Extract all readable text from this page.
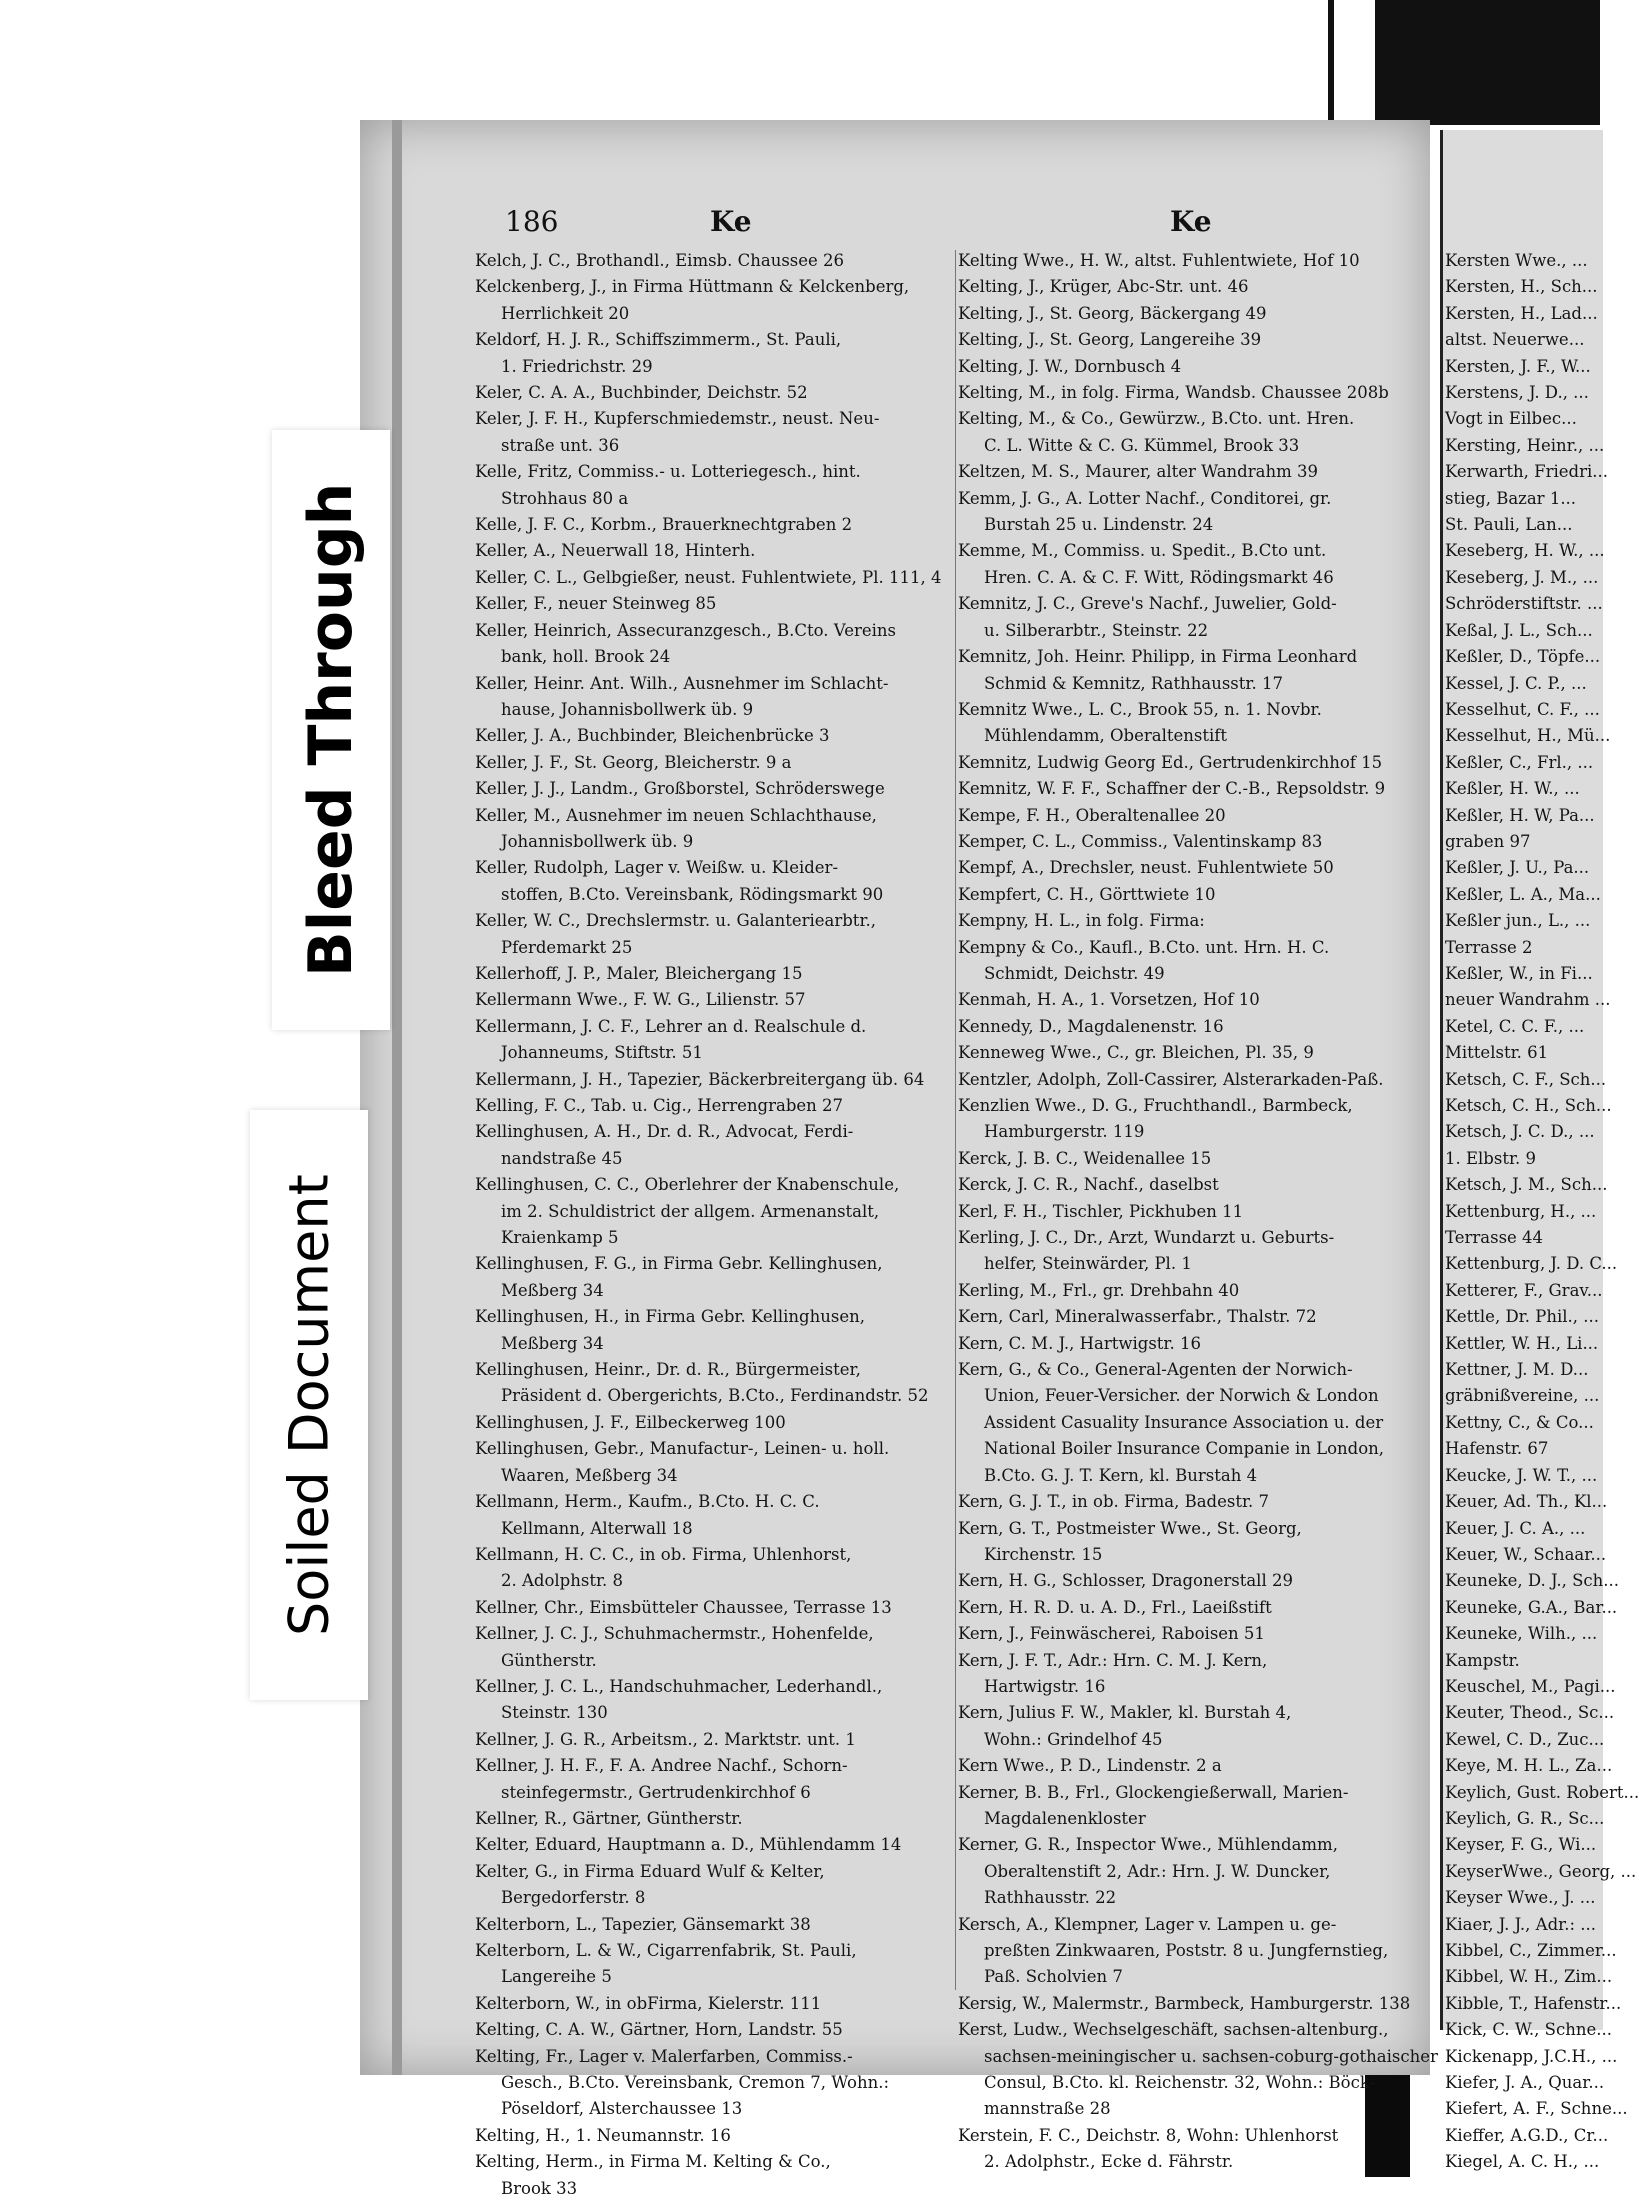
186	Ke	Ke
Kelch, J. C., Brothandl., Eimsb. Chaussee 26
Kelckenberg, J., in Firma Hüttmann & Kelckenberg,
Herrlichkeit 20
Keldorf, H. J. R., Schiffszimmerm., St. Pauli,
1. Friedrichstr. 29
Keler, C. A. A., Buchbinder, Deichstr. 52
Keler, J. F. H., Kupferschmiedemstr., neust. Neu-
straße unt. 36
Kelle, Fritz, Commiss.- u. Lotteriegesch., hint.
Strohhaus 80 a
Kelle, J. F. C., Korbm., Brauerknechtgraben 2
Keller, A., Neuerwall 18, Hinterh.
Keller, C. L., Gelbgießer, neust. Fuhlentwiete, Pl. 111, 4
Keller, F., neuer Steinweg 85
Keller, Heinrich, Assecuranzgesch., B.Cto. Vereins
bank, holl. Brook 24
Keller, Heinr. Ant. Wilh., Ausnehmer im Schlacht-
hause, Johannisbollwerk üb. 9
Keller, J. A., Buchbinder, Bleichenbrücke 3
Keller, J. F., St. Georg, Bleicherstr. 9 a
Keller, J. J., Landm., Großborstel, Schröderswege
Keller, M., Ausnehmer im neuen Schlachthause,
Johannisbollwerk üb. 9
Keller, Rudolph, Lager v. Weißw. u. Kleider-
stoffen, B.Cto. Vereinsbank, Rödingsmarkt 90
Keller, W. C., Drechslermstr. u. Galanteriearbtr.,
Pferdemarkt 25
Kellerhoff, J. P., Maler, Bleichergang 15
Kellermann Wwe., F. W. G., Lilienstr. 57
Kellermann, J. C. F., Lehrer an d. Realschule d.
Johanneums, Stiftstr. 51
Kellermann, J. H., Tapezier, Bäckerbreitergang üb. 64
Kelling, F. C., Tab. u. Cig., Herrengraben 27
Kellinghusen, A. H., Dr. d. R., Advocat, Ferdi-
nandstraße 45
Kellinghusen, C. C., Oberlehrer der Knabenschule,
im 2. Schuldistrict der allgem. Armenanstalt,
Kraienkamp 5
Kellinghusen, F. G., in Firma Gebr. Kellinghusen,
Meßberg 34
Kellinghusen, H., in Firma Gebr. Kellinghusen,
Meßberg 34
Kellinghusen, Heinr., Dr. d. R., Bürgermeister,
Präsident d. Obergerichts, B.Cto., Ferdinandstr. 52
Kellinghusen, J. F., Eilbeckerweg 100
Kellinghusen, Gebr., Manufactur-, Leinen- u. holl.
Waaren, Meßberg 34
Kellmann, Herm., Kaufm., B.Cto. H. C. C.
Kellmann, Alterwall 18
Kellmann, H. C. C., in ob. Firma, Uhlenhorst,
2. Adolphstr. 8
Kellner, Chr., Eimsbütteler Chaussee, Terrasse 13
Kellner, J. C. J., Schuhmachermstr., Hohenfelde,
Güntherstr.
Kellner, J. C. L., Handschuhmacher, Lederhandl.,
Steinstr. 130
Kellner, J. G. R., Arbeitsm., 2. Marktstr. unt. 1
Kellner, J. H. F., F. A. Andree Nachf., Schorn-
steinfegermstr., Gertrudenkirchhof 6
Kellner, R., Gärtner, Güntherstr.
Kelter, Eduard, Hauptmann a. D., Mühlendamm 14
Kelter, G., in Firma Eduard Wulf & Kelter,
Bergedorferstr. 8
Kelterborn, L., Tapezier, Gänsemarkt 38
Kelterborn, L. & W., Cigarrenfabrik, St. Pauli,
Langereihe 5
Kelterborn, W., in obFirma, Kielerstr. 111
Kelting, C. A. W., Gärtner, Horn, Landstr. 55
Kelting, Fr., Lager v. Malerfarben, Commiss.-
Gesch., B.Cto. Vereinsbank, Cremon 7, Wohn.:
Pöseldorf, Alsterchaussee 13
Kelting, H., 1. Neumannstr. 16
Kelting, Herm., in Firma M. Kelting & Co.,
Brook 33
Kelting Wwe., H. W., altst. Fuhlentwiete, Hof 10
Kelting, J., Krüger, Abc-Str. unt. 46
Kelting, J., St. Georg, Bäckergang 49
Kelting, J., St. Georg, Langereihe 39
Kelting, J. W., Dornbusch 4
Kelting, M., in folg. Firma, Wandsb. Chaussee 208b
Kelting, M., & Co., Gewürzw., B.Cto. unt. Hren.
C. L. Witte & C. G. Kümmel, Brook 33
Keltzen, M. S., Maurer, alter Wandrahm 39
Kemm, J. G., A. Lotter Nachf., Conditorei, gr.
Burstah 25 u. Lindenstr. 24
Kemme, M., Commiss. u. Spedit., B.Cto unt.
Hren. C. A. & C. F. Witt, Rödingsmarkt 46
Kemnitz, J. C., Greve's Nachf., Juwelier, Gold-
u. Silberarbtr., Steinstr. 22
Kemnitz, Joh. Heinr. Philipp, in Firma Leonhard
Schmid & Kemnitz, Rathhausstr. 17
Kemnitz Wwe., L. C., Brook 55, n. 1. Novbr.
Mühlendamm, Oberaltenstift
Kemnitz, Ludwig Georg Ed., Gertrudenkirchhof 15
Kemnitz, W. F. F., Schaffner der C.-B., Repsoldstr. 9
Kempe, F. H., Oberaltenallee 20
Kemper, C. L., Commiss., Valentinskamp 83
Kempf, A., Drechsler, neust. Fuhlentwiete 50
Kempfert, C. H., Görttwiete 10
Kempny, H. L., in folg. Firma:
Kempny & Co., Kaufl., B.Cto. unt. Hrn. H. C.
Schmidt, Deichstr. 49
Kenmah, H. A., 1. Vorsetzen, Hof 10
Kennedy, D., Magdalenenstr. 16
Kenneweg Wwe., C., gr. Bleichen, Pl. 35, 9
Kentzler, Adolph, Zoll-Cassirer, Alsterarkaden-Paß.
Kenzlien Wwe., D. G., Fruchthandl., Barmbeck,
Hamburgerstr. 119
Kerck, J. B. C., Weidenallee 15
Kerck, J. C. R., Nachf., daselbst
Kerl, F. H., Tischler, Pickhuben 11
Kerling, J. C., Dr., Arzt, Wundarzt u. Geburts-
helfer, Steinwärder, Pl. 1
Kerling, M., Frl., gr. Drehbahn 40
Kern, Carl, Mineralwasserfabr., Thalstr. 72
Kern, C. M. J., Hartwigstr. 16
Kern, G., & Co., General-Agenten der Norwich-
Union, Feuer-Versicher. der Norwich & London
Assident Casuality Insurance Association u. der
National Boiler Insurance Companie in London,
B.Cto. G. J. T. Kern, kl. Burstah 4
Kern, G. J. T., in ob. Firma, Badestr. 7
Kern, G. T., Postmeister Wwe., St. Georg,
Kirchenstr. 15
Kern, H. G., Schlosser, Dragonerstall 29
Kern, H. R. D. u. A. D., Frl., Laeißstift
Kern, J., Feinwäscherei, Raboisen 51
Kern, J. F. T., Adr.: Hrn. C. M. J. Kern,
Hartwigstr. 16
Kern, Julius F. W., Makler, kl. Burstah 4,
Wohn.: Grindelhof 45
Kern Wwe., P. D., Lindenstr. 2 a
Kerner, B. B., Frl., Glockengießerwall, Marien-
Magdalenenkloster
Kerner, G. R., Inspector Wwe., Mühlendamm,
Oberaltenstift 2, Adr.: Hrn. J. W. Duncker,
Rathhausstr. 22
Kersch, A., Klempner, Lager v. Lampen u. ge-
preßten Zinkwaaren, Poststr. 8 u. Jungfernstieg,
Paß. Scholvien 7
Kersig, W., Malermstr., Barmbeck, Hamburgerstr. 138
Kerst, Ludw., Wechselgeschäft, sachsen-altenburg.,
sachsen-meiningischer u. sachsen-coburg-gothaischer
Consul, B.Cto. kl. Reichenstr. 32, Wohn.: Böck-
mannstraße 28
Kerstein, F. C., Deichstr. 8, Wohn: Uhlenhorst
2. Adolphstr., Ecke d. Fährstr.
Kersten Wwe., ...
Kersten, H., Sch...
Kersten, H., Lad...
altst. Neuerwe...
Kersten, J. F., W...
Kerstens, J. D., ...
Vogt in Eilbec...
Kersting, Heinr., ...
Kerwarth, Friedri...
stieg, Bazar 1...
St. Pauli, Lan...
Keseberg, H. W., ...
Keseberg, J. M., ...
Schröderstiftstr. ...
Keßal, J. L., Sch...
Keßler, D., Töpfe...
Kessel, J. C. P., ...
Kesselhut, C. F., ...
Kesselhut, H., Mü...
Keßler, C., Frl., ...
Keßler, H. W., ...
Keßler, H. W, Pa...
graben 97
Keßler, J. U., Pa...
Keßler, L. A., Ma...
Keßler jun., L., ...
Terrasse 2
Keßler, W., in Fi...
neuer Wandrahm ...
Ketel, C. C. F., ...
Mittelstr. 61
Ketsch, C. F., Sch...
Ketsch, C. H., Sch...
Ketsch, J. C. D., ...
1. Elbstr. 9
Ketsch, J. M., Sch...
Kettenburg, H., ...
Terrasse 44
Kettenburg, J. D. C...
Ketterer, F., Grav...
Kettle, Dr. Phil., ...
Kettler, W. H., Li...
Kettner, J. M. D...
gräbnißvereine, ...
Kettny, C., & Co...
Hafenstr. 67
Keucke, J. W. T., ...
Keuer, Ad. Th., Kl...
Keuer, J. C. A., ...
Keuer, W., Schaar...
Keuneke, D. J., Sch...
Keuneke, G.A., Bar...
Keuneke, Wilh., ...
Kampstr.
Keuschel, M., Pagi...
Keuter, Theod., Sc...
Kewel, C. D., Zuc...
Keye, M. H. L., Za...
Keylich, Gust. Robert...
Keylich, G. R., Sc...
Keyser, F. G., Wi...
KeyserWwe., Georg, ...
Keyser Wwe., J. ...
Kiaer, J. J., Adr.: ...
Kibbel, C., Zimmer...
Kibbel, W. H., Zim...
Kibble, T., Hafenstr...
Kick, C. W., Schne...
Kickenapp, J.C.H., ...
Kiefer, J. A., Quar...
Kiefert, A. F., Schne...
Kieffer, A.G.D., Cr...
Kiegel, A. C. H., ...
Bleed Through
Soiled Document
